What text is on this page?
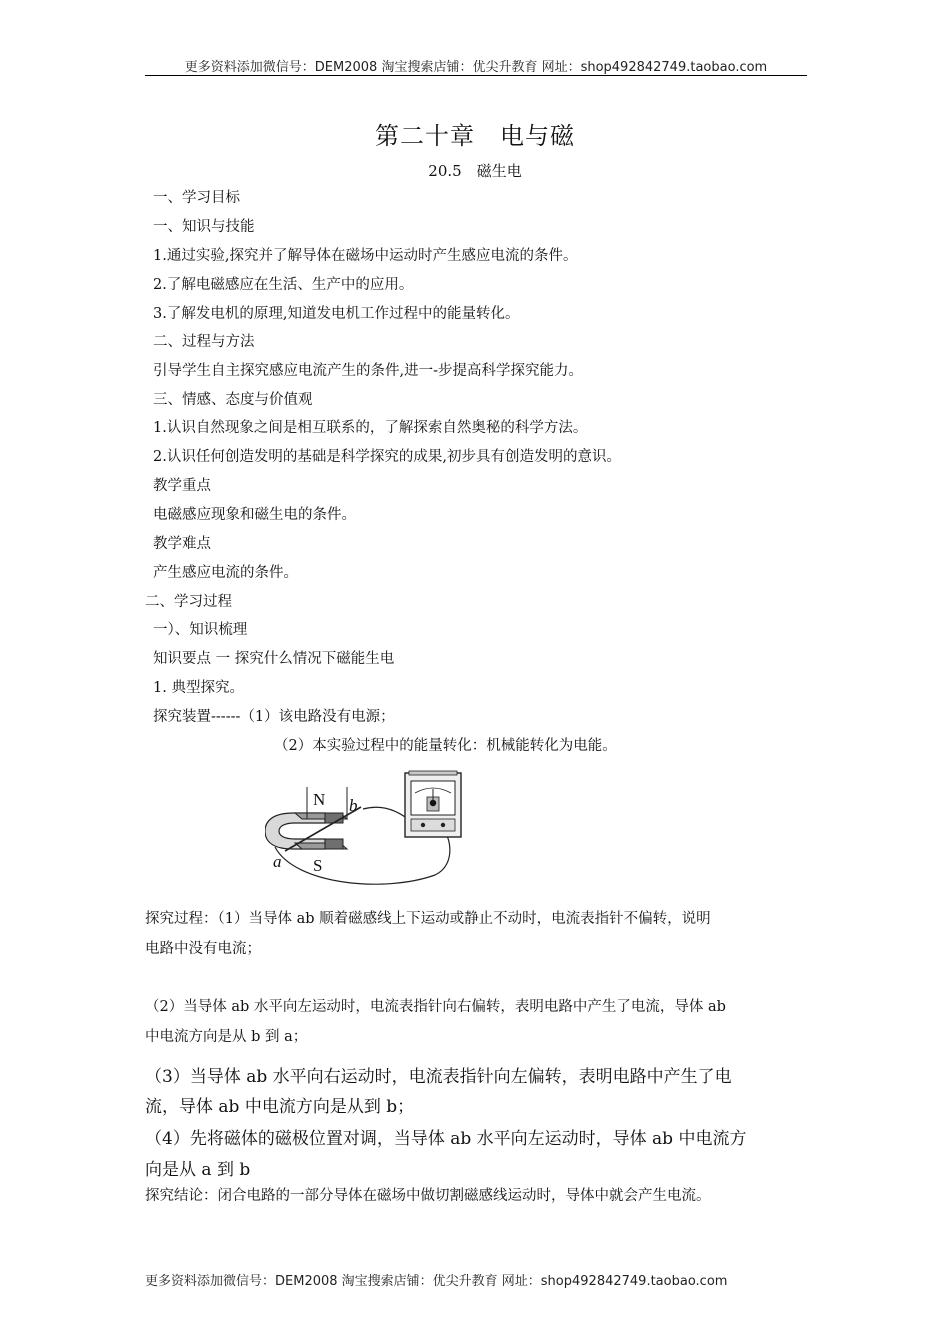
更多资料添加微信号：DEM2008 淘宝搜索店铺：优尖升教育 网址：shop492842749.taobao.com
第二十章　电与磁
20.5　磁生电
一、学习目标
一、知识与技能
1.通过实验,探究并了解导体在磁场中运动时产生感应电流的条件。
2.了解电磁感应在生活、生产中的应用。
3.了解发电机的原理,知道发电机工作过程中的能量转化。
二、过程与方法
引导学生自主探究感应电流产生的条件,进一-步提高科学探究能力。
三、情感、态度与价值观
1.认识自然现象之间是相互联系的，了解探索自然奥秘的科学方法。
2.认识任何创造发明的基础是科学探究的成果,初步具有创造发明的意识。
教学重点
电磁感应现象和磁生电的条件。
教学难点
产生感应电流的条件。
二、学习过程
一）、知识梳理
知识要点 一 探究什么情况下磁能生电
1. 典型探究。
探究装置------（1）该电路没有电源；
（2）本实验过程中的能量转化：机械能转化为电能。
N
S
a
b
探究过程：（1）当导体 ab 顺着磁感线上下运动或静止不动时，电流表指针不偏转，说明
电路中没有电流；
（2）当导体 ab 水平向左运动时，电流表指针向右偏转，表明电路中产生了电流，导体 ab
中电流方向是从 b 到 a；
（3）当导体 ab 水平向右运动时，电流表指针向左偏转，表明电路中产生了电
流，导体 ab 中电流方向是从到 b；
（4）先将磁体的磁极位置对调，当导体 ab 水平向左运动时，导体 ab 中电流方
向是从 a 到 b
探究结论：闭合电路的一部分导体在磁场中做切割磁感线运动时，导体中就会产生电流。
更多资料添加微信号：DEM2008 淘宝搜索店铺：优尖升教育 网址：shop492842749.taobao.com
